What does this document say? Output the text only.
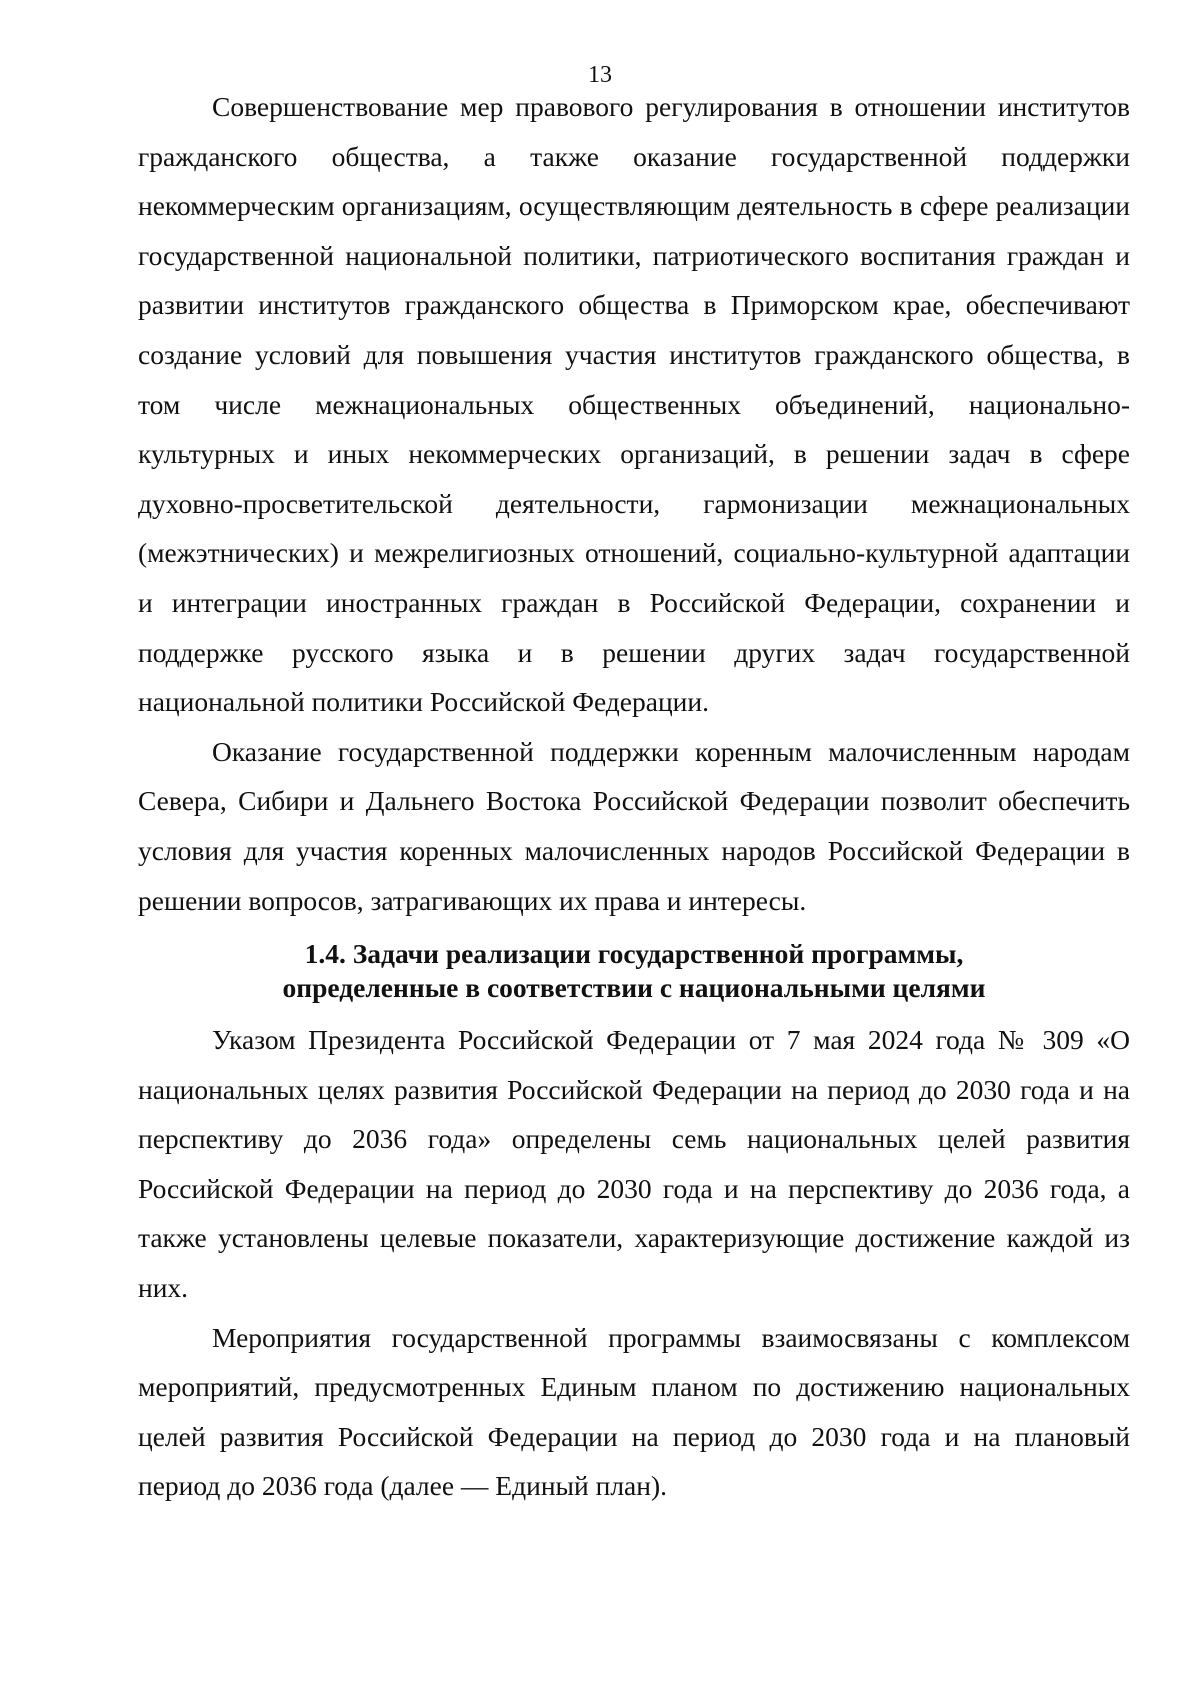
13

Совершенствование мер правового регулирования в отношении институтов гражданского общества, а также оказание государственной поддержки некоммерческим организациям, осуществляющим деятельность в сфере реализации государственной национальной политики, патриотического воспитания граждан и развитии институтов гражданского общества в Приморском крае, обеспечивают создание условий для повышения участия институтов гражданского общества, в том числе межнациональных общественных объединений, национально-культурных и иных некоммерческих организаций, в решении задач в сфере духовно-просветительской деятельности, гармонизации межнациональных (межэтнических) и межрелигиозных отношений, социально-культурной адаптации и интеграции иностранных граждан в Российской Федерации, сохранении и поддержке русского языка и в решении других задач государственной национальной политики Российской Федерации.

Оказание государственной поддержки коренным малочисленным народам Севера, Сибири и Дальнего Востока Российской Федерации позволит обеспечить условия для участия коренных малочисленных народов Российской Федерации в решении вопросов, затрагивающих их права и интересы.

1.4. Задачи реализации государственной программы,
определенные в соответствии с национальными целями

Указом Президента Российской Федерации от 7 мая 2024 года № 309 «О национальных целях развития Российской Федерации на период до 2030 года и на перспективу до 2036 года» определены семь национальных целей развития Российской Федерации на период до 2030 года и на перспективу до 2036 года, а также установлены целевые показатели, характеризующие достижение каждой из них.

Мероприятия государственной программы взаимосвязаны с комплексом мероприятий, предусмотренных Единым планом по достижению национальных целей развития Российской Федерации на период до 2030 года и на плановый период до 2036 года (далее — Единый план).
